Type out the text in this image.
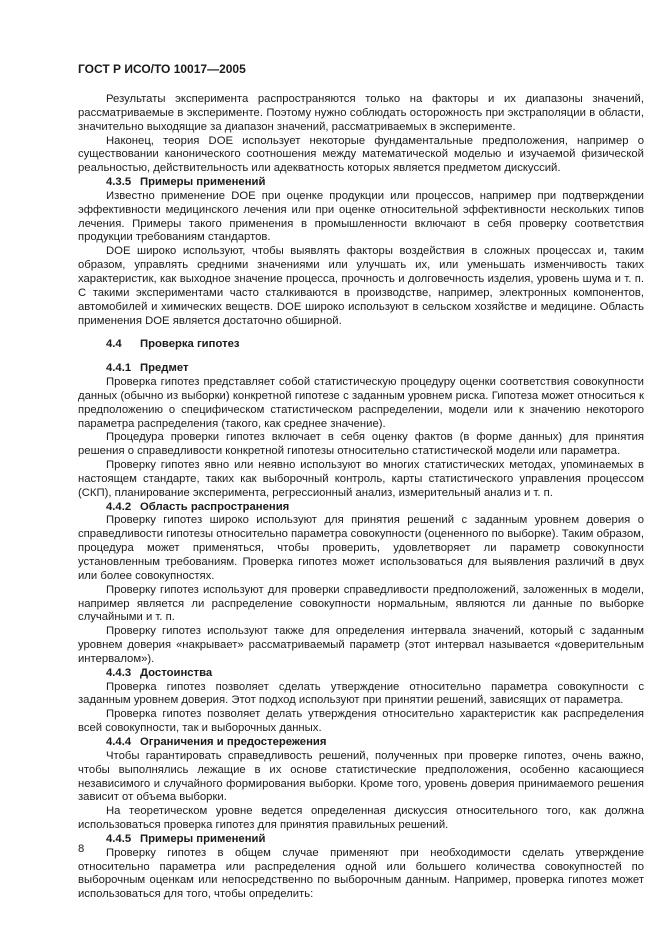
ГОСТ Р ИСО/ТО 10017—2005

Результаты эксперимента распространяются только на факторы и их диапазоны значений, рассматриваемые в эксперименте. Поэтому нужно соблюдать осторожность при экстраполяции в области, значительно выходящие за диапазон значений, рассматриваемых в эксперименте.

Наконец, теория DOE использует некоторые фундаментальные предположения, например о существовании канонического соотношения между математической моделью и изучаемой физической реальностью, действительность или адекватность которых является предметом дискуссий.

4.3.5 Примеры применений

Известно применение DOE при оценке продукции или процессов, например при подтверждении эффективности медицинского лечения или при оценке относительной эффективности нескольких типов лечения. Примеры такого применения в промышленности включают в себя проверку соответствия продукции требованиям стандартов.

DOE широко используют, чтобы выявлять факторы воздействия в сложных процессах и, таким образом, управлять средними значениями или улучшать их, или уменьшать изменчивость таких характеристик, как выходное значение процесса, прочность и долговечность изделия, уровень шума и т. п. С такими экспериментами часто сталкиваются в производстве, например, электронных компонентов, автомобилей и химических веществ. DOE широко используют в сельском хозяйстве и медицине. Область применения DOE является достаточно обширной.

4.4 Проверка гипотез
4.4.1 Предмет

Проверка гипотез представляет собой статистическую процедуру оценки соответствия совокупности данных (обычно из выборки) конкретной гипотезе с заданным уровнем риска. Гипотеза может относиться к предположению о специфическом статистическом распределении, модели или к значению некоторого параметра распределения (такого, как среднее значение).

Процедура проверки гипотез включает в себя оценку фактов (в форме данных) для принятия решения о справедливости конкретной гипотезы относительно статистической модели или параметра.

Проверку гипотез явно или неявно используют во многих статистических методах, упоминаемых в настоящем стандарте, таких как выборочный контроль, карты статистического управления процессом (СКП), планирование эксперимента, регрессионный анализ, измерительный анализ и т. п.

4.4.2 Область распространения

Проверку гипотез широко используют для принятия решений с заданным уровнем доверия о справедливости гипотезы относительно параметра совокупности (оцененного по выборке). Таким образом, процедура может применяться, чтобы проверить, удовлетворяет ли параметр совокупности установленным требованиям. Проверка гипотез может использоваться для выявления различий в двух или более совокупностях.

Проверку гипотез используют для проверки справедливости предположений, заложенных в модели, например является ли распределение совокупности нормальным, являются ли данные по выборке случайными и т. п.

Проверку гипотез используют также для определения интервала значений, который с заданным уровнем доверия «накрывает» рассматриваемый параметр (этот интервал называется «доверительным интервалом»).

4.4.3 Достоинства

Проверка гипотез позволяет сделать утверждение относительно параметра совокупности с заданным уровнем доверия. Этот подход используют при принятии решений, зависящих от параметра.

Проверка гипотез позволяет делать утверждения относительно характеристик как распределения всей совокупности, так и выборочных данных.

4.4.4 Ограничения и предостережения

Чтобы гарантировать справедливость решений, полученных при проверке гипотез, очень важно, чтобы выполнялись лежащие в их основе статистические предположения, особенно касающиеся независимого и случайного формирования выборки. Кроме того, уровень доверия принимаемого решения зависит от объема выборки.

На теоретическом уровне ведется определенная дискуссия относительного того, как должна использоваться проверка гипотез для принятия правильных решений.

4.4.5 Примеры применений

Проверку гипотез в общем случае применяют при необходимости сделать утверждение относительно параметра или распределения одной или большего количества совокупностей по выборочным оценкам или непосредственно по выборочным данным. Например, проверка гипотез может использоваться для того, чтобы определить:

8
